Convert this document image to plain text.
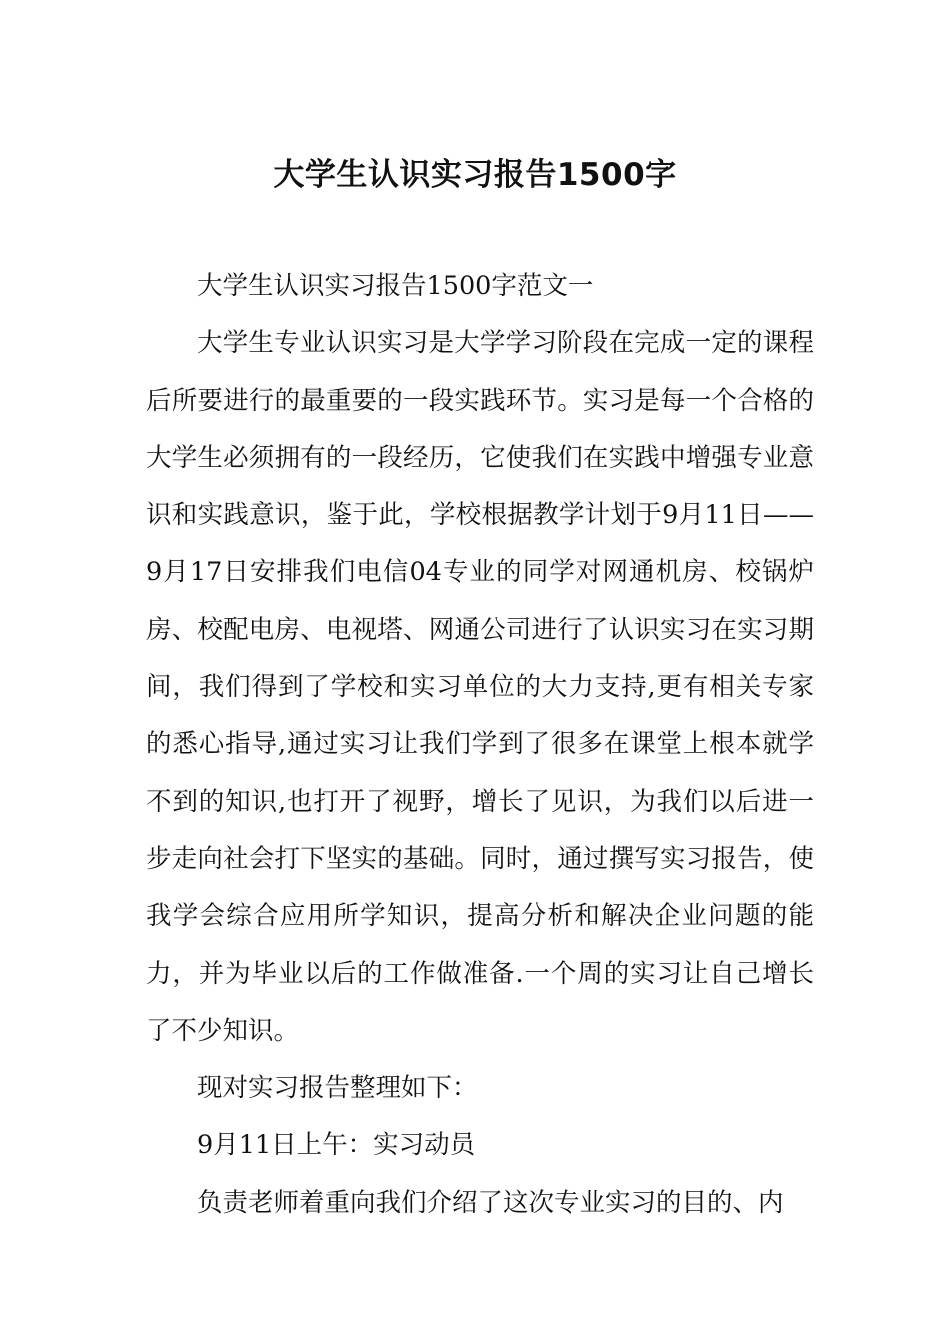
大学生认识实习报告1500字

大学生认识实习报告1500字范文一

大学生专业认识实习是大学学习阶段在完成一定的课程后所要进行的最重要的一段实践环节。实习是每一个合格的大学生必须拥有的一段经历，它使我们在实践中增强专业意识和实践意识，鉴于此，学校根据教学计划于9月11日——9月17日安排我们电信04专业的同学对网通机房、校锅炉房、校配电房、电视塔、网通公司进行了认识实习在实习期间，我们得到了学校和实习单位的大力支持,更有相关专家的悉心指导,通过实习让我们学到了很多在课堂上根本就学不到的知识,也打开了视野，增长了见识，为我们以后进一步走向社会打下坚实的基础。同时，通过撰写实习报告，使我学会综合应用所学知识，提高分析和解决企业问题的能力，并为毕业以后的工作做准备.一个周的实习让自己增长了不少知识。

现对实习报告整理如下：

9月11日上午：实习动员

负责老师着重向我们介绍了这次专业实习的目的、内
